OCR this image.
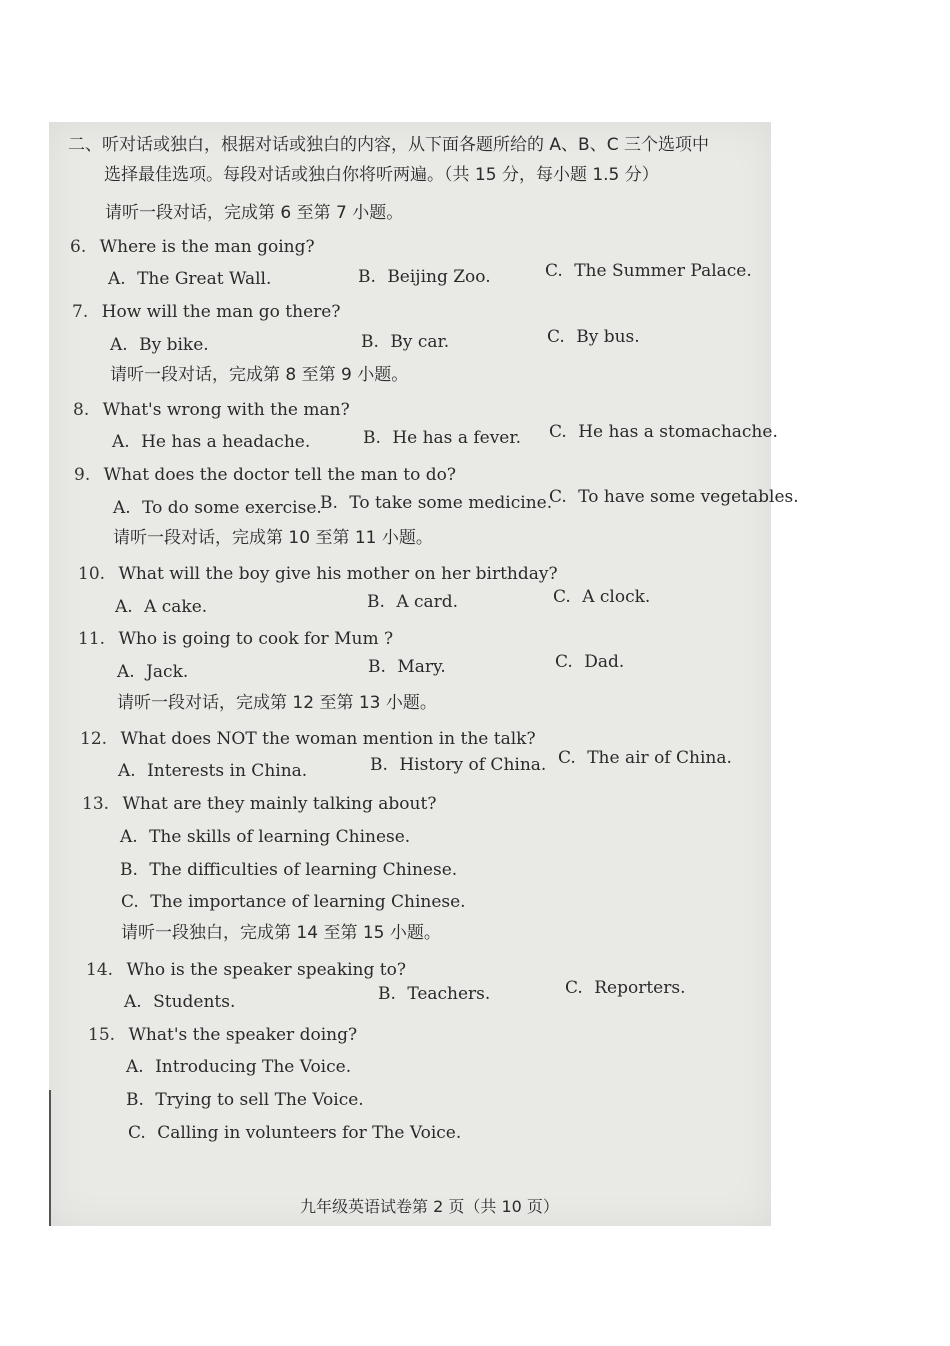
二、听对话或独白，根据对话或独白的内容，从下面各题所给的 A、B、C 三个选项中
选择最佳选项。每段对话或独白你将听两遍。（共 15 分，每小题 1.5 分）
请听一段对话，完成第 6 至第 7 小题。
6. Where is the man going?
A. The Great Wall.	B. Beijing Zoo.	C. The Summer Palace.
7. How will the man go there?
A. By bike.	B. By car.	C. By bus.
请听一段对话，完成第 8 至第 9 小题。
8. What's wrong with the man?
A. He has a headache.	B. He has a fever. C. He has a stomachache.
9. What does the doctor tell the man to do?
A. To do some exercise.
B. To take some medicine.
C. To have some vegetables.
请听一段对话，完成第 10 至第 11 小题。
10. What will the boy give his mother on her birthday?
A. A cake.	B. A card.	C. A clock.
11. Who is going to cook for Mum ?
A. Jack.	B. Mary.	C. Dad.
请听一段对话，完成第 12 至第 13 小题。
12. What does NOT the woman mention in the talk?
A. Interests in China.	B. History of China. C. The air of China.
13. What are they mainly talking about?
A. The skills of learning Chinese.
B. The difficulties of learning Chinese.
C. The importance of learning Chinese.
请听一段独白，完成第 14 至第 15 小题。
14. Who is the speaker speaking to?
A. Students.	B. Teachers.	C. Reporters.
15. What's the speaker doing?
A. Introducing The Voice.
B. Trying to sell The Voice.
C. Calling in volunteers for The Voice.
九年级英语试卷第 2 页（共 10 页）
